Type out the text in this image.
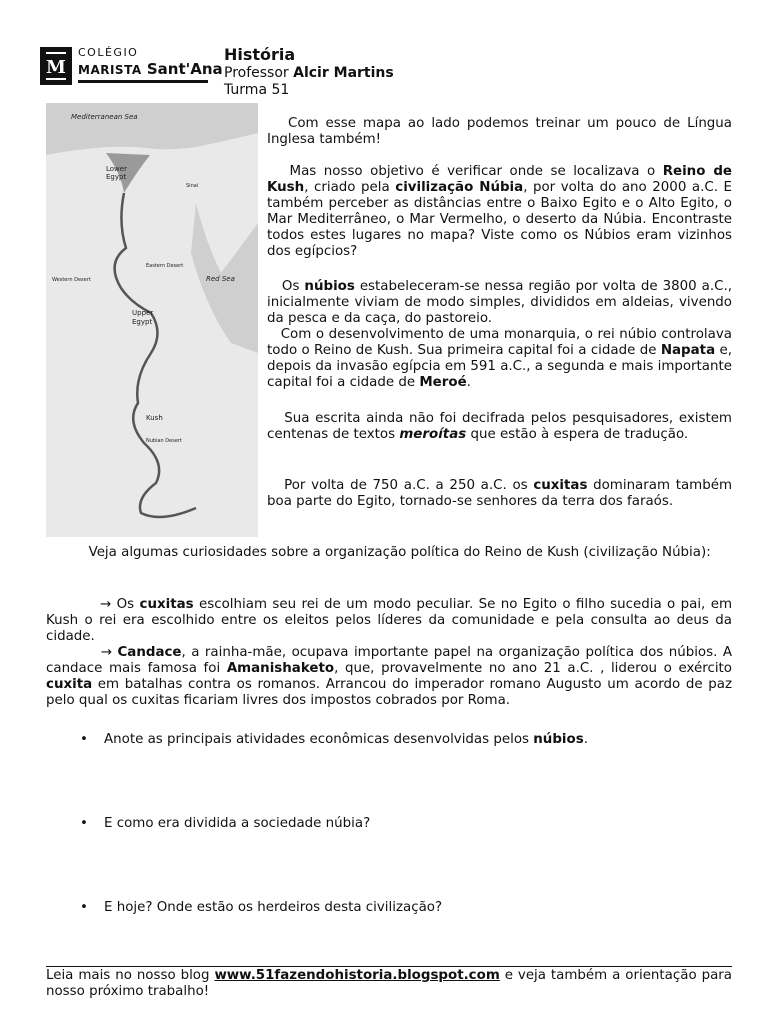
M
COLÉGIO
MARISTA Sant'Ana
História
Professor Alcir Martins
Turma 51
Mediterranean Sea
Lower
Egypt
Sinai
Western Desert
Eastern Desert
Red Sea
Upper
Egypt
Kush
Nubian Desert

Com esse mapa ao lado podemos treinar um pouco de Língua Inglesa também!

Mas nosso objetivo é verificar onde se localizava o Reino de Kush, criado pela civilização Núbia, por volta do ano 2000 a.C. E também perceber as distâncias entre o Baixo Egito e o Alto Egito, o Mar Mediterrâneo, o Mar Vermelho, o deserto da Núbia. Encontraste todos estes lugares no mapa? Viste como os Núbios eram vizinhos dos egípcios?

Os núbios estabeleceram-se nessa região por volta de 3800 a.C., inicialmente viviam de modo simples, divididos em aldeias, vivendo da pesca e da caça, do pastoreio.

Com o desenvolvimento de uma monarquia, o rei núbio controlava todo o Reino de Kush. Sua primeira capital foi a cidade de Napata e, depois da invasão egípcia em 591 a.C., a segunda e mais importante capital foi a cidade de Meroé.

Sua escrita ainda não foi decifrada pelos pesquisadores, existem centenas de textos meroítas que estão à espera de tradução.

Por volta de 750 a.C. a 250 a.C. os cuxitas dominaram também boa parte do Egito, tornado-se senhores da terra dos faraós.

Veja algumas curiosidades sobre a organização política do Reino de Kush (civilização Núbia):

→ Os cuxitas escolhiam seu rei de um modo peculiar. Se no Egito o filho sucedia o pai, em Kush o rei era escolhido entre os eleitos pelos líderes da comunidade e pela consulta ao deus da cidade.

→ Candace, a rainha-mãe, ocupava importante papel na organização política dos núbios. A candace mais famosa foi Amanishaketo, que, provavelmente no ano 21 a.C. , liderou o exército cuxita em batalhas contra os romanos. Arrancou do imperador romano Augusto um acordo de paz pelo qual os cuxitas ficariam livres dos impostos cobrados por Roma.

• Anote as principais atividades econômicas desenvolvidas pelos núbios.
• E como era dividida a sociedade núbia?
• E hoje? Onde estão os herdeiros desta civilização?

Leia mais no nosso blog www.51fazendohistoria.blogspot.com e veja também a orientação para nosso próximo trabalho!
